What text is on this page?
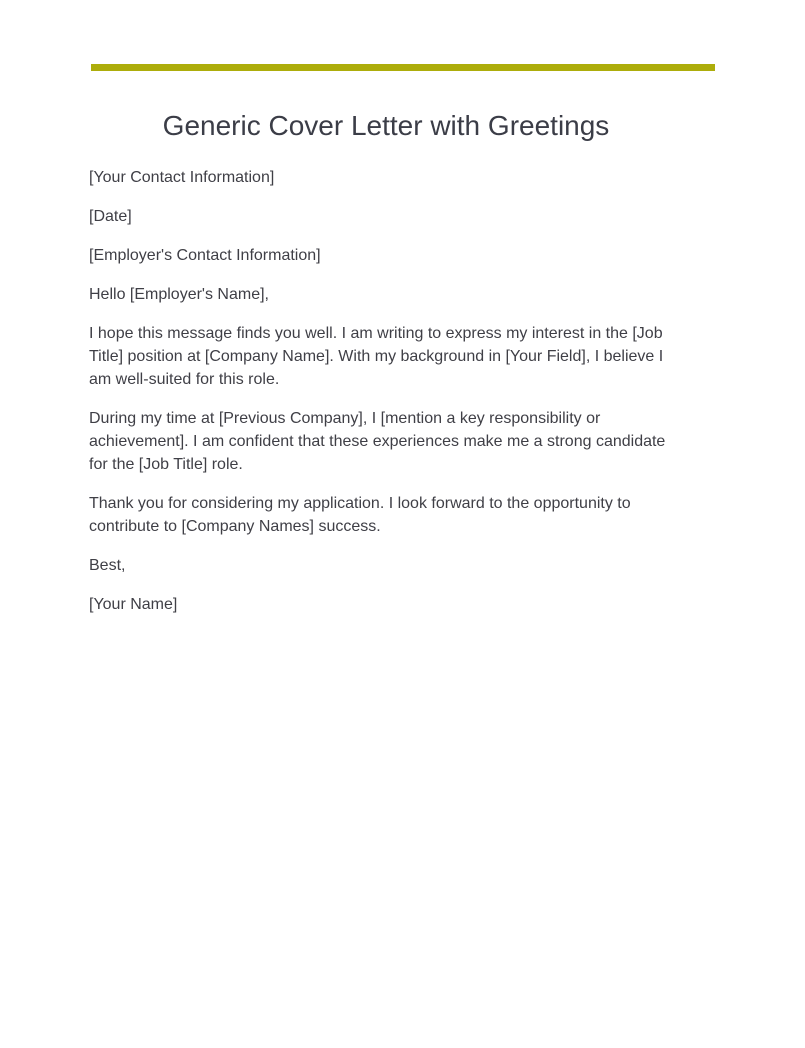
Generic Cover Letter with Greetings

[Your Contact Information]

[Date]

[Employer's Contact Information]

Hello [Employer's Name],

I hope this message finds you well. I am writing to express my interest in the [Job Title] position at [Company Name]. With my background in [Your Field], I believe I am well-suited for this role.

During my time at [Previous Company], I [mention a key responsibility or achievement]. I am confident that these experiences make me a strong candidate for the [Job Title] role.

Thank you for considering my application. I look forward to the opportunity to contribute to [Company Names] success.

Best,

[Your Name]
